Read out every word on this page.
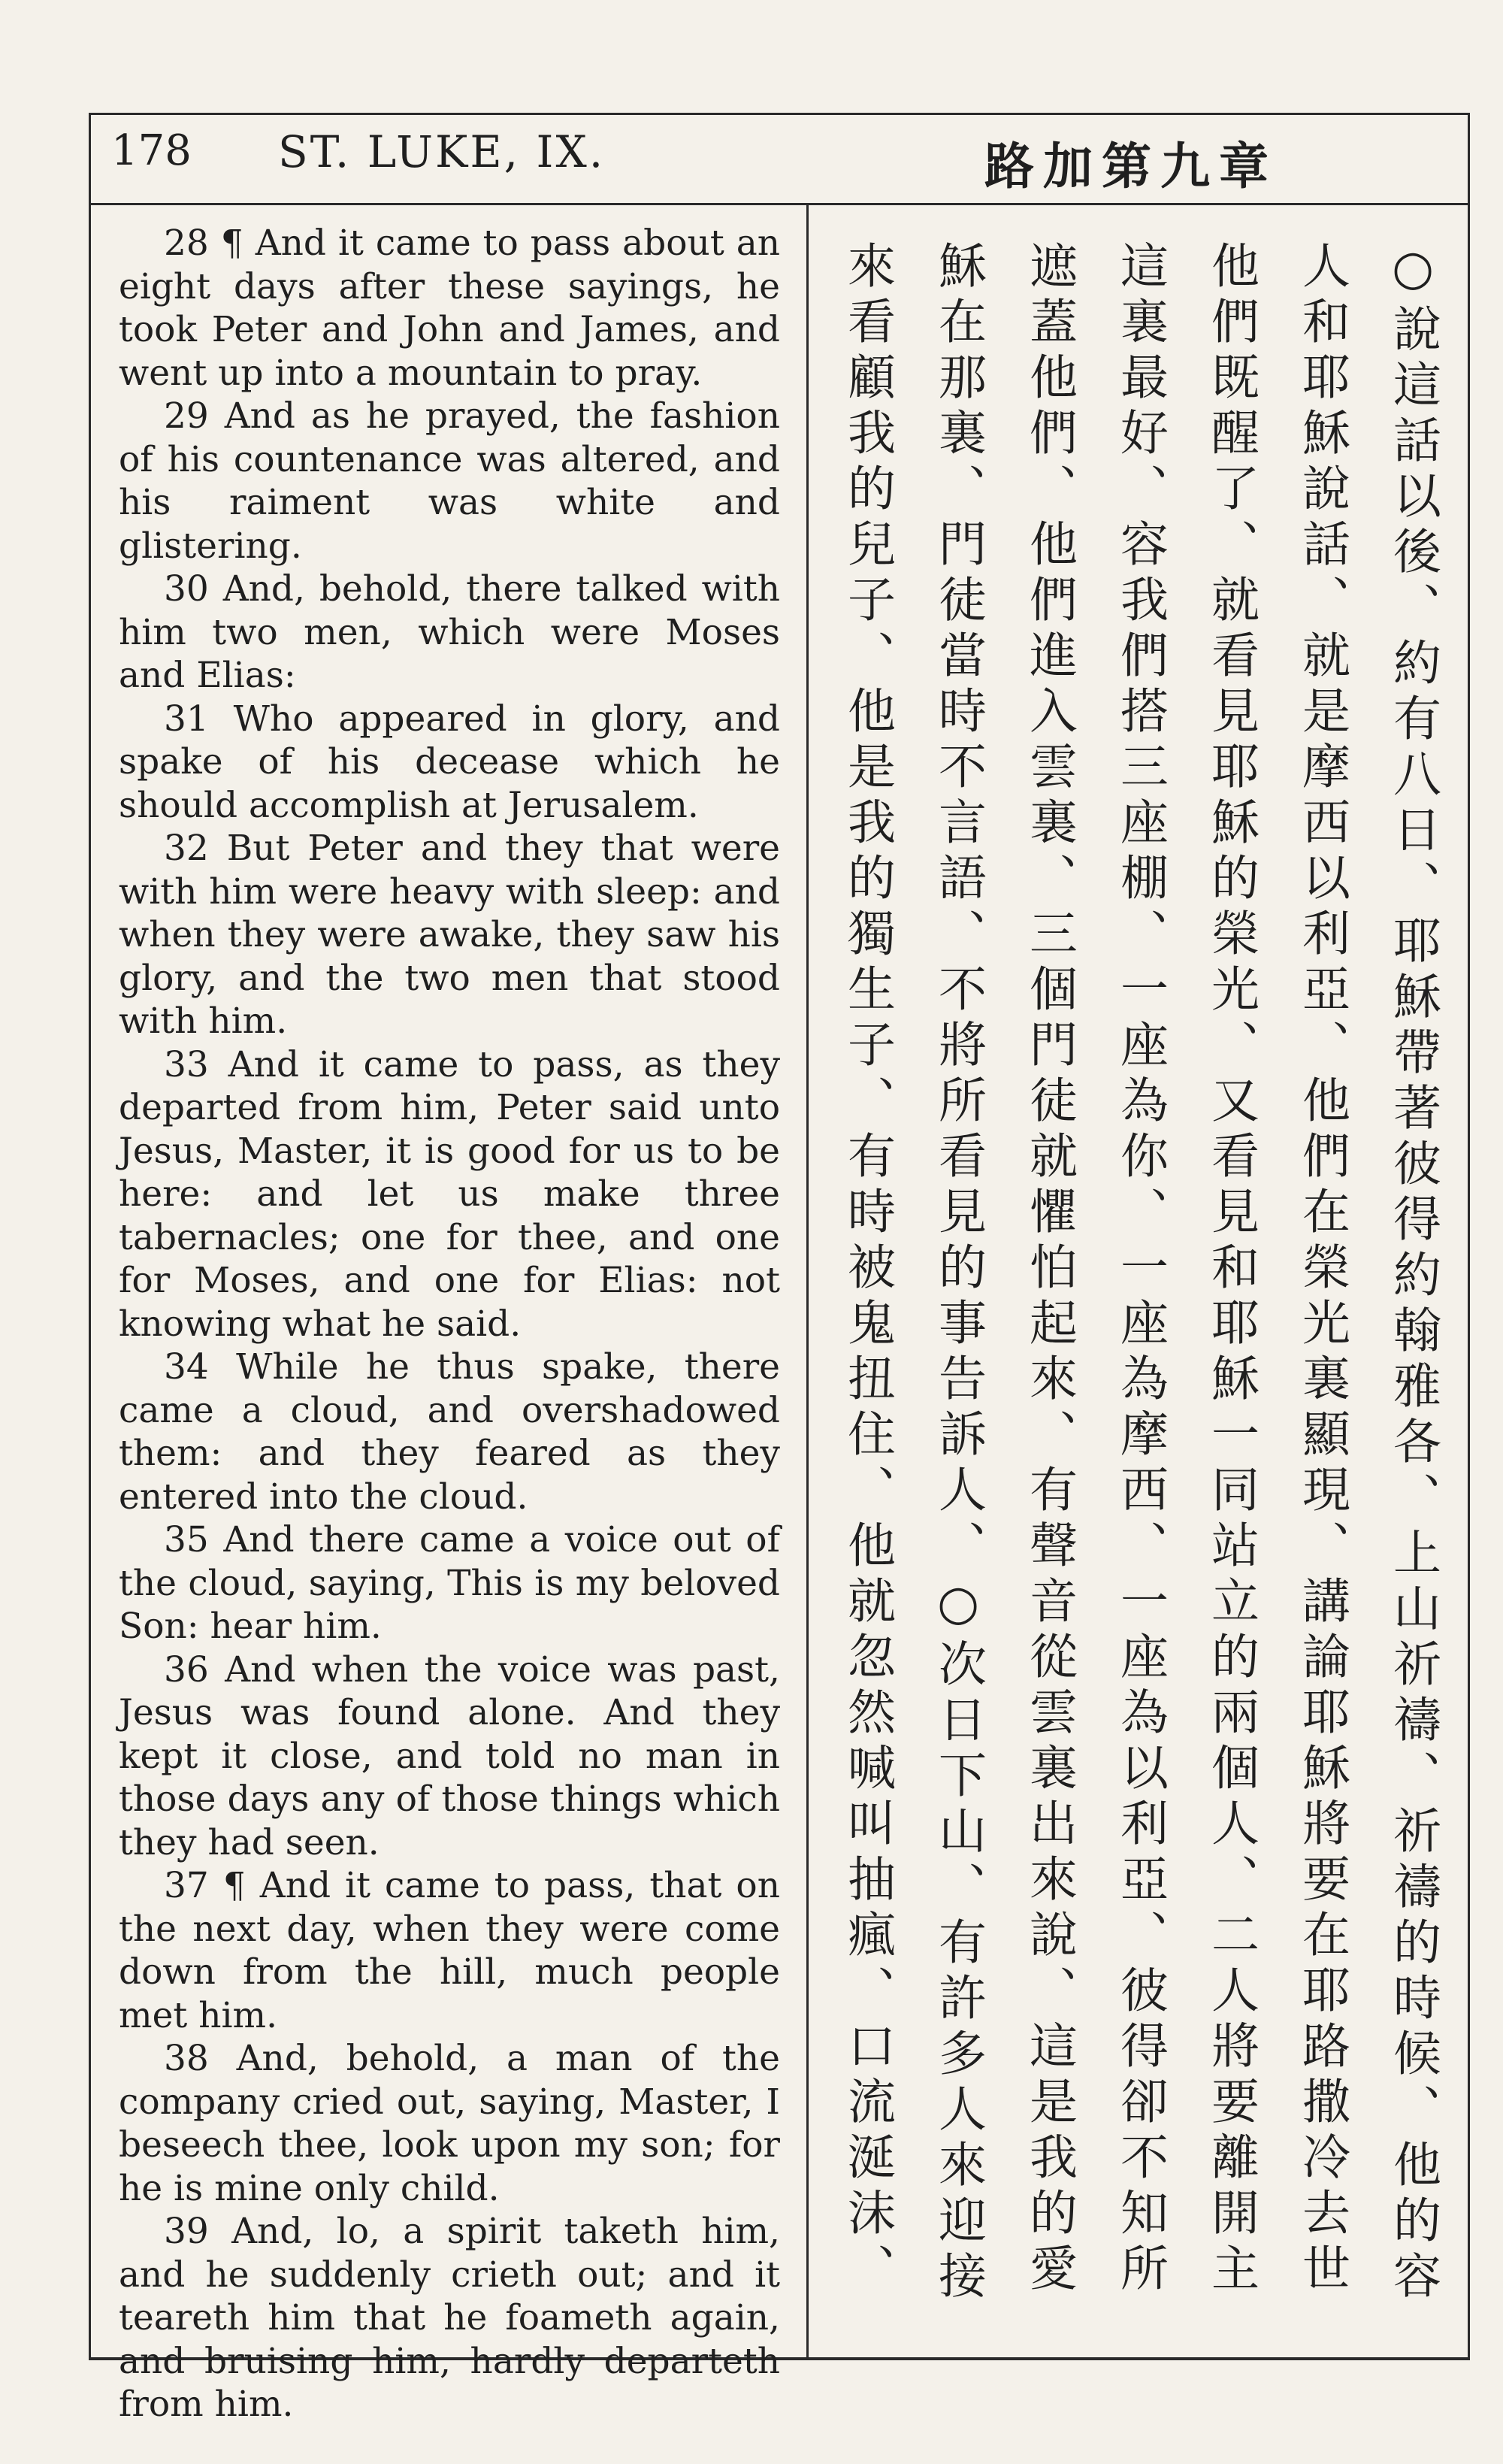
178 ST. LUKE, IX.	路加第九章

28 ¶ And it came to pass about an eight days after these sayings, he took Peter and John and James, and went up into a mountain to pray.

29 And as he prayed, the fashion of his countenance was altered, and his raiment was white and glistering.

30 And, behold, there talked with him two men, which were Moses and Elias:

31 Who appeared in glory, and spake of his decease which he should accomplish at Jerusalem.

32 But Peter and they that were with him were heavy with sleep: and when they were awake, they saw his glory, and the two men that stood with him.

33 And it came to pass, as they departed from him, Peter said unto Jesus, Master, it is good for us to be here: and let us make three tabernacles; one for thee, and one for Moses, and one for Elias: not knowing what he said.

34 While he thus spake, there came a cloud, and overshadowed them: and they feared as they entered into the cloud.

35 And there came a voice out of the cloud, saying, This is my beloved Son: hear him.

36 And when the voice was past, Jesus was found alone. And they kept it close, and told no man in those days any of those things which they had seen.

37 ¶ And it came to pass, that on the next day, when they were come down from the hill, much people met him.

38 And, behold, a man of the company cried out, saying, Master, I beseech thee, look upon my son; for he is mine only child.

39 And, lo, a spirit taketh him, and he suddenly crieth out; and it teareth him that he foameth again, and bruising him, hardly departeth from him.

○說這話以後、約有八日、耶穌帶著彼得約翰雅各、上山祈禱、祈禱的時候、他的容
人和耶穌說話、就是摩西以利亞、他們在榮光裏顯現、講論耶穌將要在耶路撒冷去世
他們既醒了、就看見耶穌的榮光、又看見和耶穌一同站立的兩個人、二人將要離開主
這裏最好、容我們搭三座棚、一座為你、一座為摩西、一座為以利亞、彼得卻不知所
遮蓋他們、他們進入雲裏、三個門徒就懼怕起來、有聲音從雲裏出來說、這是我的愛
穌在那裏、門徒當時不言語、不將所看見的事告訴人、○次日下山、有許多人來迎接
來看顧我的兒子、他是我的獨生子、有時被鬼扭住、他就忽然喊叫抽瘋、口流涎沫、
